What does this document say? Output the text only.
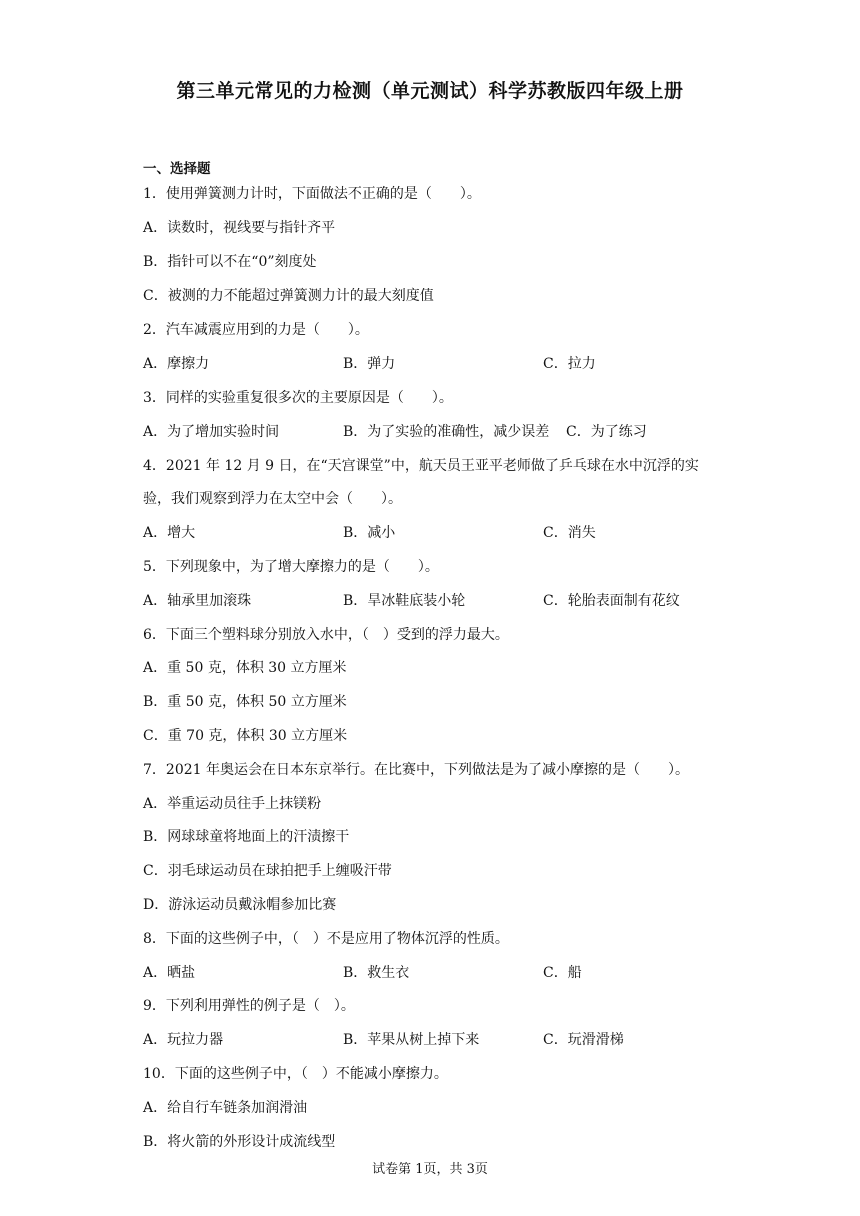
第三单元常见的力检测（单元测试）科学苏教版四年级上册
一、选择题
1．使用弹簧测力计时，下面做法不正确的是（　　）。
A．读数时，视线要与指针齐平
B．指针可以不在“0”刻度处
C．被测的力不能超过弹簧测力计的最大刻度值
2．汽车减震应用到的力是（　　）。
A．摩擦力	B．弹力	C．拉力
3．同样的实验重复很多次的主要原因是（　　）。
A．为了增加实验时间	B．为了实验的准确性，减少误差 C．为了练习
4．2021 年 12 月 9 日，在“天宫课堂”中，航天员王亚平老师做了乒乓球在水中沉浮的实
验，我们观察到浮力在太空中会（　　）。
A．增大	B．减小	C．消失
5．下列现象中，为了增大摩擦力的是（　　）。
A．轴承里加滚珠	B．旱冰鞋底装小轮	C．轮胎表面制有花纹
6．下面三个塑料球分别放入水中，（　）受到的浮力最大。
A．重 50 克，体积 30 立方厘米
B．重 50 克，体积 50 立方厘米
C．重 70 克，体积 30 立方厘米
7．2021 年奥运会在日本东京举行。在比赛中，下列做法是为了减小摩擦的是（　　）。
A．举重运动员往手上抹镁粉
B．网球球童将地面上的汗渍擦干
C．羽毛球运动员在球拍把手上缠吸汗带
D．游泳运动员戴泳帽参加比赛
8．下面的这些例子中，（　）不是应用了物体沉浮的性质。
A．晒盐	B．救生衣	C．船
9．下列利用弹性的例子是（　）。
A．玩拉力器	B．苹果从树上掉下来	C．玩滑滑梯
10．下面的这些例子中，（　）不能减小摩擦力。
A．给自行车链条加润滑油
B．将火箭的外形设计成流线型
试卷第 1页，共 3页
